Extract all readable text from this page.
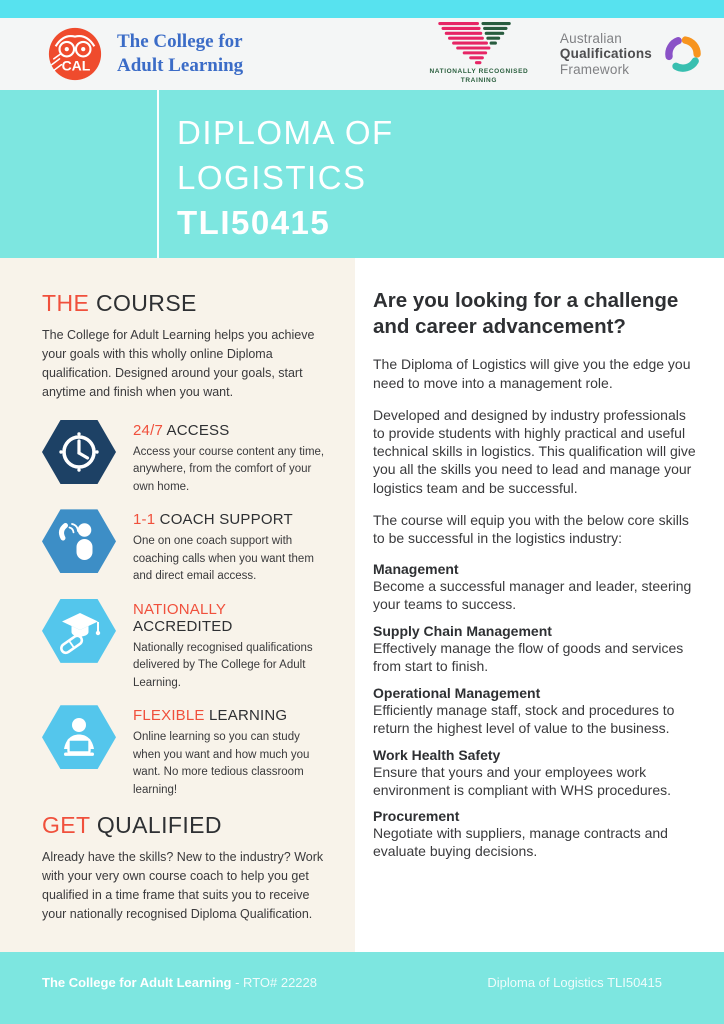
CAL
The College for
Adult Learning	NATIONALLY RECOGNISED
TRAINING
Australian
Qualifications
Framework
DIPLOMA OF
LOGISTICS
TLI50415
THE COURSE

The College for Adult Learning helps you achieve your goals with this wholly online Diploma qualification. Designed around your goals, start anytime and finish when you want.

24/7 ACCESS

Access your course content any time, anywhere, from the comfort of your own home.

1-1 COACH SUPPORT

One on one coach support with coaching calls when you want them and direct email access.

NATIONALLY ACCREDITED

Nationally recognised qualifications delivered by The College for Adult Learning.

FLEXIBLE LEARNING

Online learning so you can study when you want and how much you want. No more tedious classroom learning!

GET QUALIFIED

Already have the skills? New to the industry? Work with your very own course coach to help you get qualified in a time frame that suits you to receive your nationally recognised Diploma Qualification.

Are you looking for a challenge and career advancement?

The Diploma of Logistics will give you the edge you need to move into a management role.

Developed and designed by industry professionals to provide students with highly practical and useful technical skills in logistics. This qualification will give you all the skills you need to lead and manage your logistics team and be successful.

The course will equip you with the below core skills to be successful in the logistics industry:

Management

Become a successful manager and leader, steering your teams to success.

Supply Chain Management

Effectively manage the flow of goods and services from start to finish.

Operational Management

Efficiently manage staff, stock and procedures to return the highest level of value to the business.

Work Health Safety

Ensure that yours and your employees work environment is compliant with WHS procedures.

Procurement

Negotiate with suppliers, manage contracts and evaluate buying decisions.

The College for Adult Learning - RTO# 22228	Diploma of Logistics TLI50415
